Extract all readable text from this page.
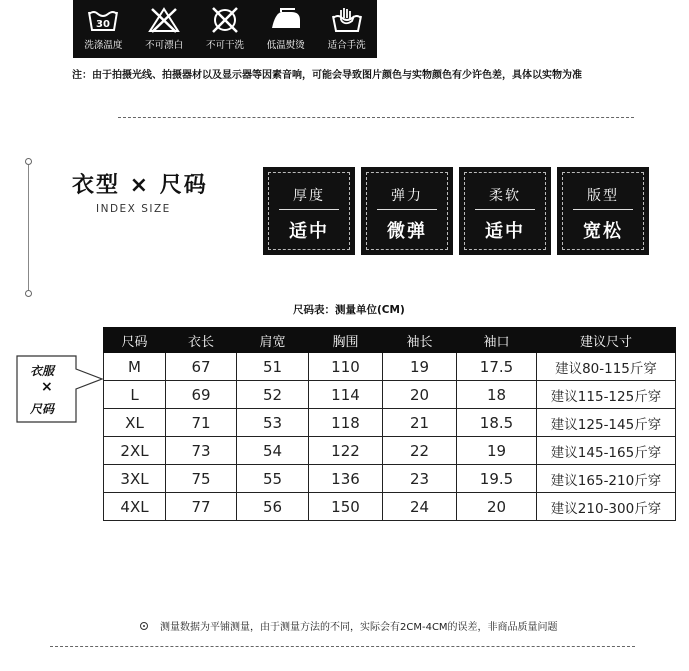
30
洗涤温度 不可漂白 不可干洗 低温熨烫 适合手洗
注：由于拍摄光线、拍摄器材以及显示器等因素音响，可能会导致图片颜色与实物颜色有少许色差，具体以实物为准
衣型 × 尺码
INDEX SIZE
厚度
适中
弹力
微弹
柔软
适中
版型
宽松
尺码表：测量单位(CM)
衣服
×
尺码
尺码	衣长	肩宽	胸围	袖长	袖口	建议尺寸
M	67	51	110	19	17.5	建议80-115斤穿
L	69	52	114	20	18	建议115-125斤穿
XL	71	53	118	21	18.5	建议125-145斤穿
2XL	73	54	122	22	19	建议145-165斤穿
3XL	75	55	136	23	19.5	建议165-210斤穿
4XL	77	56	150	24	20	建议210-300斤穿
测量数据为平铺测量，由于测量方法的不同，实际会有2CM-4CM的误差，非商品质量问题
